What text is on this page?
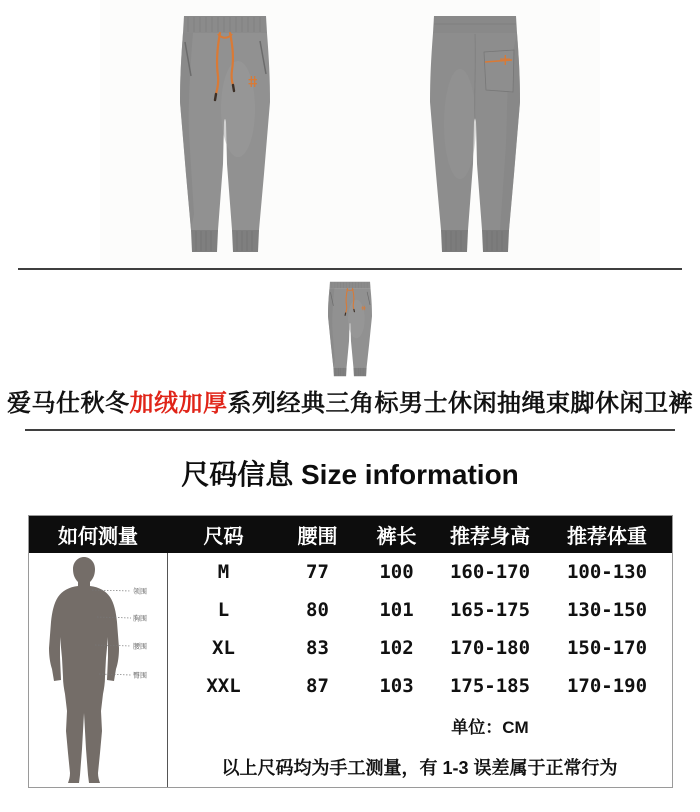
爱马仕秋冬加绒加厚系列经典三角标男士休闲抽绳束脚休闲卫裤
尺码信息 Size information
如何测量	尺码	腰围	裤长	推荐身高	推荐体重
领围
胸围
腰围
臀围
M	77	100	160-170	100-130
L	80	101	165-175	130-150
XL	83	102	170-180	150-170
XXL	87	103	175-185	170-190
单位：CM
以上尺码均为手工测量，有 1-3 误差属于正常行为
